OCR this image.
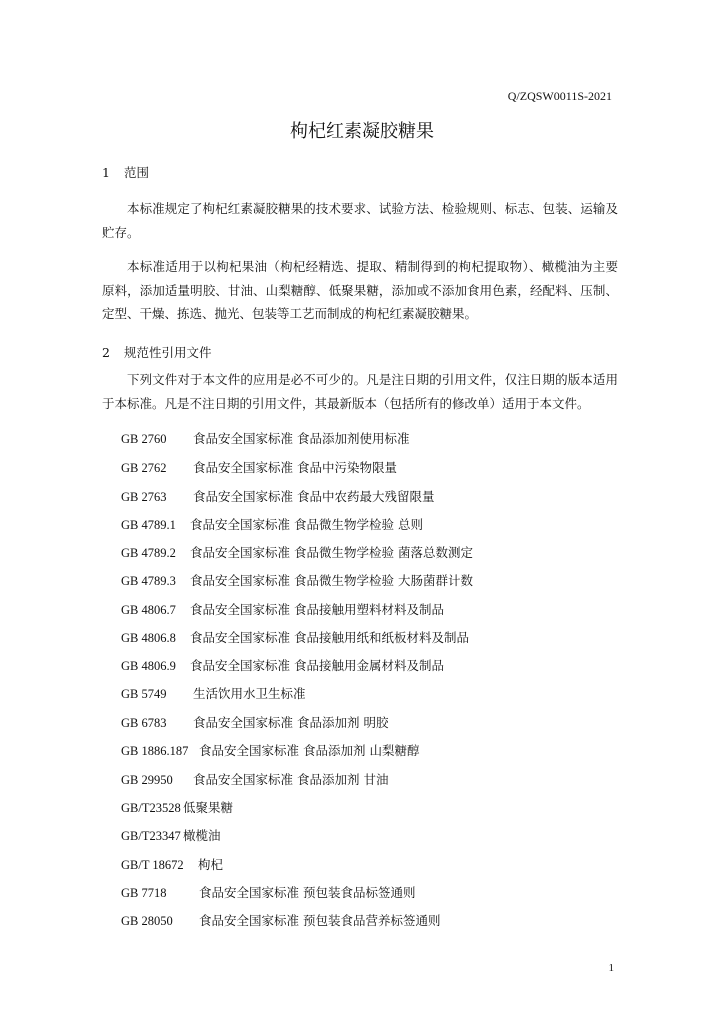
Q/ZQSW0011S-2021
枸杞红素凝胶糖果
1 范围
本标准规定了枸杞红素凝胶糖果的技术要求、试验方法、检验规则、标志、包装、运输及贮存。
本标准适用于以枸杞果油（枸杞经精选、提取、精制得到的枸杞提取物）、橄榄油为主要原料，添加适量明胶、甘油、山梨糖醇、低聚果糖，添加或不添加食用色素，经配料、压制、定型、干燥、拣选、抛光、包装等工艺而制成的枸杞红素凝胶糖果。
2 规范性引用文件
下列文件对于本文件的应用是必不可少的。凡是注日期的引用文件，仅注日期的版本适用于本标准。凡是不注日期的引用文件，其最新版本（包括所有的修改单）适用于本文件。
GB 2760 食品安全国家标准 食品添加剂使用标准
GB 2762 食品安全国家标准 食品中污染物限量
GB 2763 食品安全国家标准 食品中农药最大残留限量
GB 4789.1 食品安全国家标准 食品微生物学检验 总则
GB 4789.2 食品安全国家标准 食品微生物学检验 菌落总数测定
GB 4789.3 食品安全国家标准 食品微生物学检验 大肠菌群计数
GB 4806.7 食品安全国家标准 食品接触用塑料材料及制品
GB 4806.8 食品安全国家标准 食品接触用纸和纸板材料及制品
GB 4806.9 食品安全国家标准 食品接触用金属材料及制品
GB 5749 生活饮用水卫生标准
GB 6783 食品安全国家标准 食品添加剂 明胶
GB 1886.187 食品安全国家标准 食品添加剂 山梨糖醇
GB 29950 食品安全国家标准 食品添加剂 甘油
GB/T23528 低聚果糖
GB/T23347 橄榄油
GB/T 18672 枸杞
GB 7718	食品安全国家标准 预包装食品标签通则
GB 28050 食品安全国家标准 预包装食品营养标签通则
1
